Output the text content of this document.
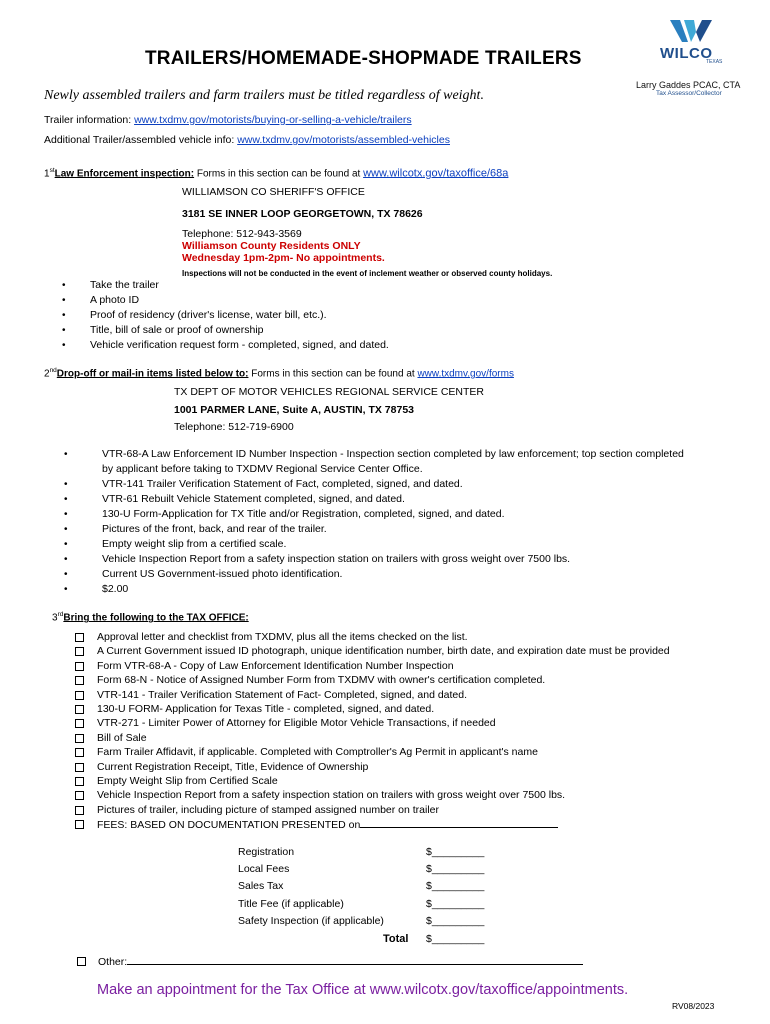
TRAILERS/HOMEMADE-SHOPMADE TRAILERS	WILCO
TEXAS
Larry Gaddes PCAC, CTA
Tax Assessor/Collector
Newly assembled trailers and farm trailers must be titled regardless of weight.
Trailer information: www.txdmv.gov/motorists/buying-or-selling-a-vehicle/trailers
Additional Trailer/assembled vehicle info: www.txdmv.gov/motorists/assembled-vehicles
1stLaw Enforcement inspection: Forms in this section can be found at www.wilcotx.gov/taxoffice/68a
WILLIAMSON CO SHERIFF'S OFFICE
3181 SE INNER LOOP GEORGETOWN, TX 78626
Telephone: 512-943-3569
Williamson County Residents ONLY
Wednesday 1pm-2pm- No appointments.
Inspections will not be conducted in the event of inclement weather or observed county holidays.
• Take the trailer
• A photo ID
• Proof of residency (driver's license, water bill, etc.).
• Title, bill of sale or proof of ownership
• Vehicle verification request form - completed, signed, and dated.
2ndDrop-off or mail-in items listed below to: Forms in this section can be found at www.txdmv.gov/forms
TX DEPT OF MOTOR VEHICLES REGIONAL SERVICE CENTER
1001 PARMER LANE, Suite A, AUSTIN, TX 78753
Telephone: 512-719-6900
• VTR-68-A Law Enforcement ID Number Inspection - Inspection section completed by law enforcement; top section completed by applicant before taking to TXDMV Regional Service Center Office.
• VTR-141 Trailer Verification Statement of Fact, completed, signed, and dated.
• VTR-61 Rebuilt Vehicle Statement completed, signed, and dated.
• 130-U Form-Application for TX Title and/or Registration, completed, signed, and dated.
• Pictures of the front, back, and rear of the trailer.
• Empty weight slip from a certified scale.
• Vehicle Inspection Report from a safety inspection station on trailers with gross weight over 7500 lbs.
• Current US Government-issued photo identification.
• $2.00
3rdBring the following to the TAX OFFICE:
Approval letter and checklist from TXDMV, plus all the items checked on the list.
A Current Government issued ID photograph, unique identification number, birth date, and expiration date must be provided
Form VTR-68-A - Copy of Law Enforcement Identification Number Inspection
Form 68-N - Notice of Assigned Number Form from TXDMV with owner's certification completed.
VTR-141 - Trailer Verification Statement of Fact- Completed, signed, and dated.
130-U FORM- Application for Texas Title - completed, signed, and dated.
VTR-271 - Limiter Power of Attorney for Eligible Motor Vehicle Transactions, if needed
Bill of Sale
Farm Trailer Affidavit, if applicable. Completed with Comptroller's Ag Permit in applicant's name
Current Registration Receipt, Title, Evidence of Ownership
Empty Weight Slip from Certified Scale
Vehicle Inspection Report from a safety inspection station on trailers with gross weight over 7500 lbs.
Pictures of trailer, including picture of stamped assigned number on trailer
FEES: BASED ON DOCUMENTATION PRESENTED on
Registration	$_________
Local Fees	$_________
Sales Tax	$_________
Title Fee (if applicable)	$_________
Safety Inspection (if applicable)	$_________
Total $_________
Other:
Make an appointment for the Tax Office at www.wilcotx.gov/taxoffice/appointments.
RV08/2023
